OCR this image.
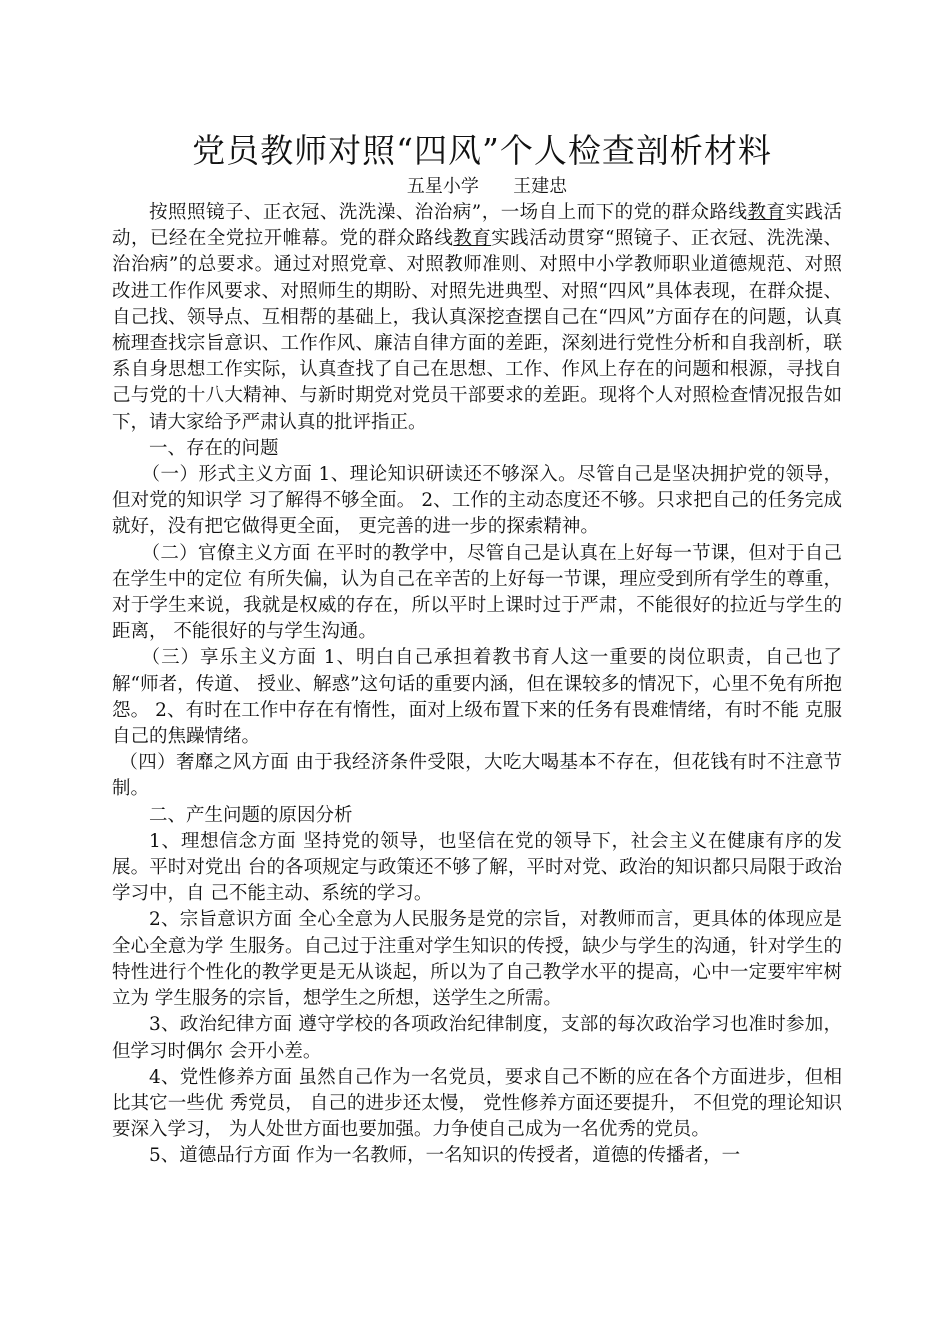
党员教师对照“四风”个人检查剖析材料

五星小学      王建忠

按照照镜子、正衣冠、洗洗澡、治治病”，一场自上而下的党的群众路线教育实践活动，已经在全党拉开帷幕。党的群众路线教育实践活动贯穿“照镜子、正衣冠、洗洗澡、治治病”的总要求。通过对照党章、对照教师准则、对照中小学教师职业道德规范、对照改进工作作风要求、对照师生的期盼、对照先进典型、对照“四风”具体表现，在群众提、自己找、领导点、互相帮的基础上，我认真深挖查摆自己在“四风”方面存在的问题，认真梳理查找宗旨意识、工作作风、廉洁自律方面的差距，深刻进行党性分析和自我剖析，联系自身思想工作实际，认真查找了自己在思想、工作、作风上存在的问题和根源，寻找自己与党的十八大精神、与新时期党对党员干部要求的差距。现将个人对照检查情况报告如下，请大家给予严肃认真的批评指正。

一、存在的问题

（一）形式主义方面 1、理论知识研读还不够深入。尽管自己是坚决拥护党的领导，但对党的知识学 习了解得不够全面。 2、工作的主动态度还不够。只求把自己的任务完成就好，没有把它做得更全面， 更完善的进一步的探索精神。

（二）官僚主义方面 在平时的教学中，尽管自己是认真在上好每一节课，但对于自己在学生中的定位 有所失偏，认为自己在辛苦的上好每一节课，理应受到所有学生的尊重，对于学生来说，我就是权威的存在，所以平时上课时过于严肃，不能很好的拉近与学生的距离， 不能很好的与学生沟通。

（三）享乐主义方面 1、明白自己承担着教书育人这一重要的岗位职责，自己也了解“师者，传道、 授业、解惑”这句话的重要内涵，但在课较多的情况下，心里不免有所抱怨。 2、有时在工作中存在有惰性，面对上级布置下来的任务有畏难情绪，有时不能 克服自己的焦躁情绪。

（四）奢靡之风方面 由于我经济条件受限，大吃大喝基本不存在，但花钱有时不注意节制。

二、产生问题的原因分析

1、理想信念方面 坚持党的领导，也坚信在党的领导下，社会主义在健康有序的发展。平时对党出 台的各项规定与政策还不够了解，平时对党、政治的知识都只局限于政治学习中，自 己不能主动、系统的学习。

2、宗旨意识方面 全心全意为人民服务是党的宗旨，对教师而言，更具体的体现应是全心全意为学 生服务。自己过于注重对学生知识的传授，缺少与学生的沟通，针对学生的特性进行个性化的教学更是无从谈起，所以为了自己教学水平的提高，心中一定要牢牢树立为 学生服务的宗旨，想学生之所想，送学生之所需。

3、政治纪律方面 遵守学校的各项政治纪律制度，支部的每次政治学习也准时参加，但学习时偶尔 会开小差。

4、党性修养方面 虽然自己作为一名党员，要求自己不断的应在各个方面进步，但相比其它一些优 秀党员， 自己的进步还太慢， 党性修养方面还要提升， 不但党的理论知识要深入学习， 为人处世方面也要加强。力争使自己成为一名优秀的党员。

5、道德品行方面 作为一名教师，一名知识的传授者，道德的传播者，一
